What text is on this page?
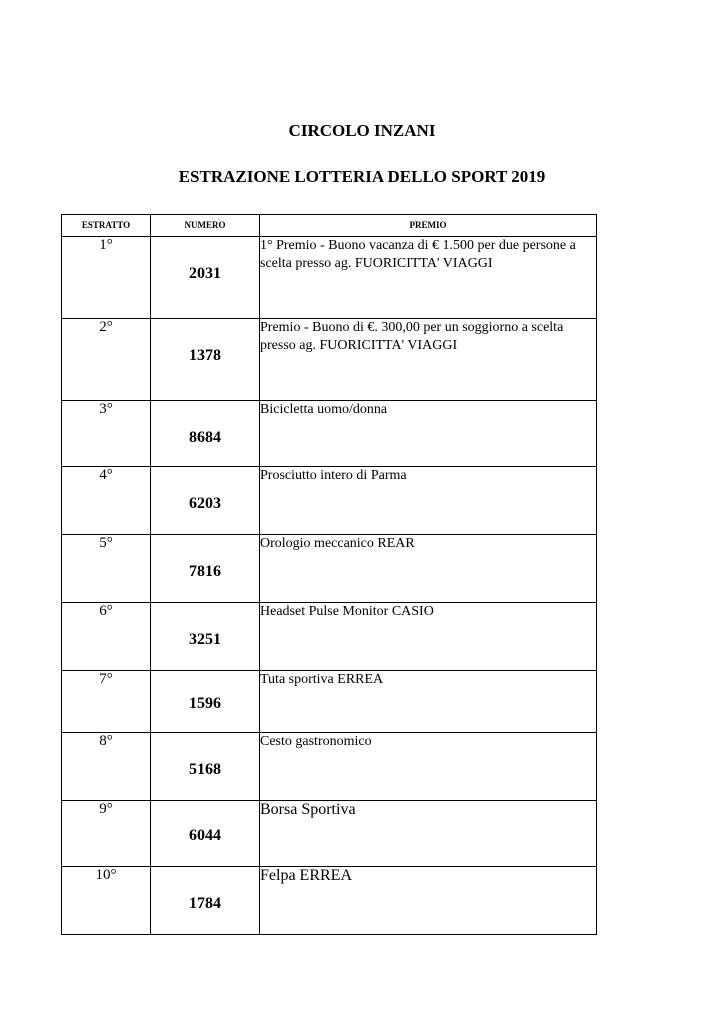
CIRCOLO INZANI
ESTRAZIONE LOTTERIA DELLO SPORT 2019
ESTRATTO	NUMERO	PREMIO
1°	2031	1° Premio - Buono vacanza di € 1.500 per due persone a
scelta presso ag. FUORICITTA' VIAGGI

2°	1378	Premio - Buono di €. 300,00 per un soggiorno a scelta
presso ag. FUORICITTA' VIAGGI

3°	8684	Bicicletta uomo/donna

4°	6203	Prosciutto intero di Parma

5°	7816	Orologio meccanico REAR

6°	3251	Headset Pulse Monitor CASIO

7°	1596	Tuta sportiva ERREA

8°	5168	Cesto gastronomico

9°	6044	Borsa Sportiva

10°	1784	Felpa ERREA
